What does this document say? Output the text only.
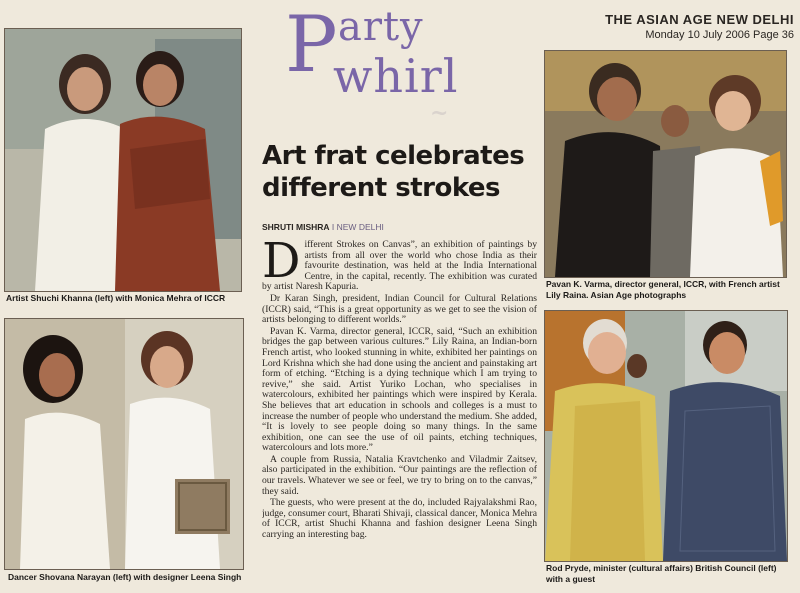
P arty
whirl
THE ASIAN AGE NEW DELHI
Monday 10 July 2006 Page 36
Artist Shuchi Khanna (left) with Monica Mehra of ICCR
Dancer Shovana Narayan (left) with designer Leena Singh
~
Art frat celebrates different strokes
SHRUTI MISHRA I NEW DELHI

Different Strokes on Canvas”, an exhibition of paintings by artists from all over the world who chose India as their favourite destination, was held at the India International Centre, in the capital, recently. The exhibition was curated by artist Naresh Kapuria.

Dr Karan Singh, president, Indian Council for Cultural Relations (ICCR) said, “This is a great opportunity as we get to see the vision of artists belonging to different worlds.”

Pavan K. Varma, director general, ICCR, said, “Such an exhibition bridges the gap between various cultures.” Lily Raina, an Indian-born French artist, who looked stunning in white, exhibited her paintings on Lord Krishna which she had done using the ancient and painstaking art form of etching. “Etching is a dying technique which I am trying to revive,” she said. Artist Yuriko Lochan, who specialises in watercolours, exhibited her paintings which were inspired by Kerala. She believes that art education in schools and colleges is a must to increase the number of people who understand the medium. She added, “It is lovely to see people doing so many things. In the same exhibition, one can see the use of oil paints, etching techniques, watercolours and lots more.”

A couple from Russia, Natalia Kravtchenko and Viladmir Zaitsev, also participated in the exhibition. “Our paintings are the reflection of our travels. Whatever we see or feel, we try to bring on to the canvas,” they said.

The guests, who were present at the do, included Rajyalakshmi Rao, judge, consumer court, Bharati Shivaji, classical dancer, Monica Mehra of ICCR, artist Shuchi Khanna and fashion designer Leena Singh carrying an interesting bag.

Pavan K. Varma, director general, ICCR, with French artist Lily Raina. Asian Age photographs
Rod Pryde, minister (cultural affairs) British Council (left) with a guest
